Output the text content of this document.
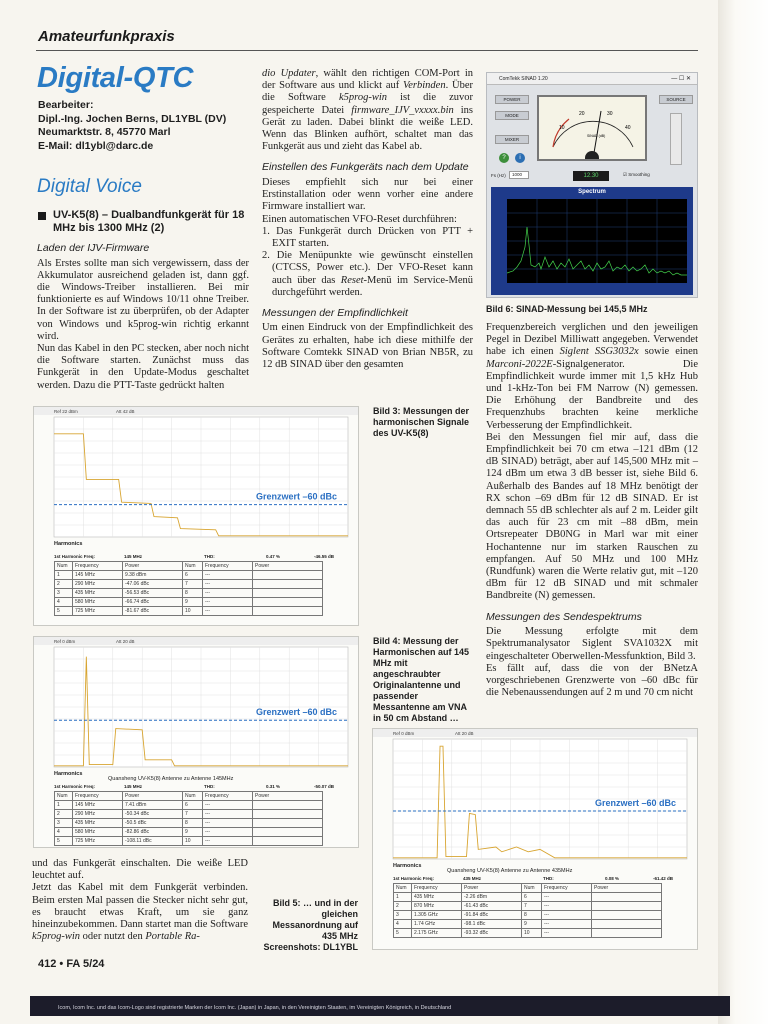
Amateurfunkpraxis
Digital-QTC
Bearbeiter:
Dipl.-Ing. Jochen Berns, DL1YBL (DV)
Neumarktstr. 8, 45770 Marl
E-Mail: dl1ybl@darc.de
Digital Voice
UV-K5(8) – Dualbandfunkgerät für 18 MHz bis 1300 MHz (2)
Laden der IJV-Firmware

Als Erstes sollte man sich vergewissern, dass der Akkumulator ausreichend geladen ist, dann ggf. die Windows-Treiber installieren. Bei mir funktionierte es auf Windows 10/11 ohne Treiber. In der Software ist zu überprüfen, ob der Adapter von Windows und k5prog-win richtig erkannt wird.

Nun das Kabel in den PC stecken, aber noch nicht die Software starten. Zunächst muss das Funkgerät in den Update-Modus geschaltet werden. Dazu die PTT-Taste gedrückt halten

und das Funkgerät einschalten. Die weiße LED leuchtet auf.

Jetzt das Kabel mit dem Funkgerät verbinden. Beim ersten Mal passen die Stecker nicht sehr gut, es braucht etwas Kraft, um sie ganz hineinzubekommen. Dann startet man die Software k5prog-win oder nutzt den Portable Ra-

dio Updater, wählt den richtigen COM-Port in der Software aus und klickt auf Verbinden. Über die Software k5prog-win ist die zuvor gespeicherte Datei firmware_IJV_vxxxx.bin ins Gerät zu laden. Dabei blinkt die weiße LED. Wenn das Blinken aufhört, schaltet man das Funkgerät aus und zieht das Kabel ab.

Einstellen des Funkgeräts nach dem Update

Dieses empfiehlt sich nur bei einer Erstinstallation oder wenn vorher eine andere Firmware installiert war.

Einen automatischen VFO-Reset durchführen:

1. Das Funkgerät durch Drücken von PTT + EXIT starten.

2. Die Menüpunkte wie gewünscht einstellen (CTCSS, Power etc.). Der VFO-Reset kann auch über das Reset-Menü im Service-Menü durchgeführt werden.

Messungen der Empfindlichkeit

Um einen Eindruck von der Empfindlichkeit des Gerätes zu erhalten, habe ich diese mithilfe der Software Comtekk SINAD von Brian NB5R, zu 12 dB SINAD über den gesamten

Frequenzbereich verglichen und den jeweiligen Pegel in Dezibel Milliwatt angegeben. Verwendet habe ich einen Siglent SSG3032x sowie einen Marconi-2022E-Signalgenerator. Die Empfindlichkeit wurde immer mit 1,5 kHz Hub und 1-kHz-Ton bei FM Narrow (N) gemessen. Die Erhöhung der Bandbreite und des Frequenzhubs brachten keine merkliche Verbesserung der Empfindlichkeit.

Bei den Messungen fiel mir auf, dass die Empfindlichkeit bei 70 cm etwa –121 dBm (12 dB SINAD) beträgt, aber auf 145,500 MHz mit –124 dBm um etwa 3 dB besser ist, siehe Bild 6. Außerhalb des Bandes auf 18 MHz benötigt der RX schon –69 dBm für 12 dB SINAD. Er ist demnach 55 dB schlechter als auf 2 m. Leider gilt das auch für 23 cm mit –88 dBm, mein Ortsrepeater DB0NG in Marl war mit einer Hochantenne nur im starken Rauschen zu empfangen. Auf 50 MHz und 100 MHz (Rundfunk) waren die Werte relativ gut, mit –120 dBm für 12 dB SINAD und mit schmaler Bandbreite (N) gemessen.

Messungen des Sendespektrums

Die Messung erfolgte mit dem Spektrumanalysator Siglent SVA1032X mit eingeschalteter Oberwellen-Messfunktion, Bild 3.

Es fällt auf, dass die von der BNetzA vorgeschriebenen Grenzwerte von –60 dBc für die Nebenaussendungen auf 2 m und 70 cm nicht

ComTekk SINAD 1.20	— ☐ ✕
POWER
MODE
MIXER
?	i
SOURCE
10
20	30
40
SINAD (dB)
Fs (Hz)	1000	12.30	☑ Smoothing
Spectrum
Bild 6: SINAD-Messung bei 145,5 MHz
Ref 22 dBm	Att 42 dB
Grenzwert –60 dBc
Harmonics
1st Harmonic Freq:	145 MHz	THD:	0.47 %	-46.55 dB
Num	Frequency	Power	Num	Frequency	Power
1	145 MHz	9.38 dBm	6	---	
2	290 MHz	-47.06 dBc	7	---	
3	435 MHz	-56.53 dBc	8	---	
4	580 MHz	-66.74 dBc	9	---	
5	725 MHz	-81.67 dBc	10	---	
Bild 3: Messungen der harmonischen Signale des UV-K5(8)
Ref 0 dBm	Att 20 dB
Grenzwert –60 dBc
Harmonics
Quansheng UV-K5(8) Antenne zu Antenne 145MHz
1st Harmonic Freq:	145 MHz	THD:	0.31 %	-50.07 dB
Num	Frequency	Power	Num	Frequency	Power
1	145 MHz	7.41 dBm	6	---	
2	290 MHz	-50.34 dBc	7	---	
3	435 MHz	-50.5 dBc	8	---	
4	580 MHz	-82.86 dBc	9	---	
5	725 MHz	-108.11 dBc	10	---	
Bild 4: Messung der Harmonischen auf 145 MHz mit angeschraubter Originalantenne und passender Messantenne am VNA in 50 cm Abstand …
Ref 0 dBm	Att 20 dB
Grenzwert –60 dBc
Harmonics
Quansheng UV-K5(8) Antenne zu Antenne 435MHz
1st Harmonic Freq:	435 MHz	THD:	0.08 %	-61.42 dB
Num	Frequency	Power	Num	Frequency	Power
1	435 MHz	-2.26 dBm	6	---	
2	870 MHz	-61.43 dBc	7	---	
3	1.305 GHz	-91.84 dBc	8	---	
4	1.74 GHz	-98.1 dBc	9	---	
5	2.175 GHz	-93.32 dBc	10	---	
Bild 5: … und in der gleichen Messanordnung auf 435 MHz
Screenshots: DL1YBL
412 • FA 5/24
Icom, Icom Inc. und das Icom-Logo sind registrierte Marken der Icom Inc. (Japan) in Japan, in den Vereinigten Staaten, im Vereinigten Königreich, in Deutschland
